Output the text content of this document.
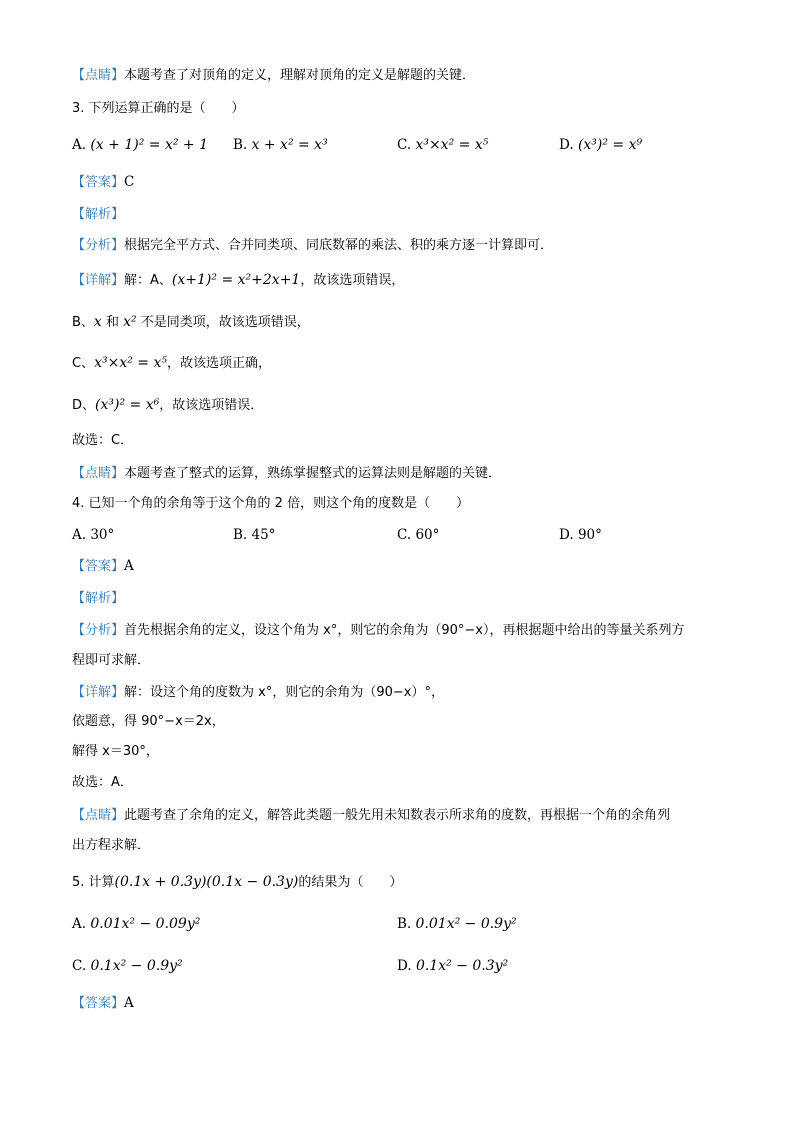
【点睛】本题考查了对顶角的定义，理解对顶角的定义是解题的关键．
3. 下列运算正确的是（　　）
A. (x + 1)² = x² + 1 B. x + x² = x³	C. x³×x² = x⁵	D. (x³)² = x⁹
【答案】C
【解析】
【分析】根据完全平方式、合并同类项、同底数幂的乘法、积的乘方逐一计算即可．
【详解】解：A、(x+1)² = x²+2x+1，故该选项错误，
B、x 和 x² 不是同类项，故该选项错误，
C、x³×x² = x⁵，故该选项正确，
D、(x³)² = x⁶，故该选项错误．
故选：C．
【点睛】本题考查了整式的运算，熟练掌握整式的运算法则是解题的关键．
4. 已知一个角的余角等于这个角的 2 倍，则这个角的度数是（　　）
A. 30°	B. 45°	C. 60°	D. 90°
【答案】A
【解析】
【分析】首先根据余角的定义，设这个角为 x°，则它的余角为（90°−x），再根据题中给出的等量关系列方
程即可求解．
【详解】解：设这个角的度数为 x°，则它的余角为（90−x）°，
依题意，得 90°−x＝2x，
解得 x＝30°，
故选：A．
【点睛】此题考查了余角的定义，解答此类题一般先用未知数表示所求角的度数，再根据一个角的余角列
出方程求解．
5. 计算(0.1x + 0.3y)(0.1x − 0.3y)的结果为（　　）
A. 0.01x² − 0.09y²	B. 0.01x² − 0.9y²
C. 0.1x² − 0.9y²	D. 0.1x² − 0.3y²
【答案】A
